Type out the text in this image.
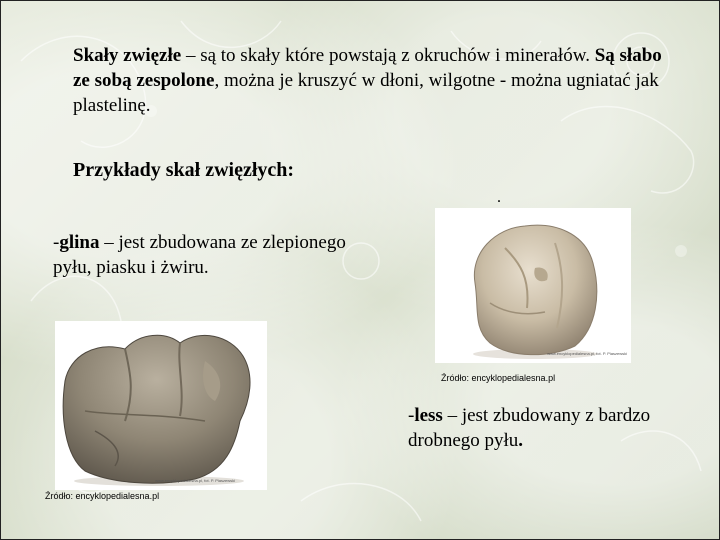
Skały zwięzłe – są to skały które powstają z okruchów i minerałów. Są słabo ze sobą zespolone, można je kruszyć w dłoni, wilgotne - można ugniatać jak plastelinę.
Przykłady skał zwięzłych:
.
-glina – jest zbudowana ze zlepionego pyłu, piasku i żwiru.
www.encyklopedialesna.pl, fot. P. Piaszewski
Źródło: encyklopedialesna.pl
www.encyklopedialesna.pl, fot. P. Piaszewski
-less – jest zbudowany z bardzo drobnego pyłu.
Źródło: encyklopedialesna.pl
